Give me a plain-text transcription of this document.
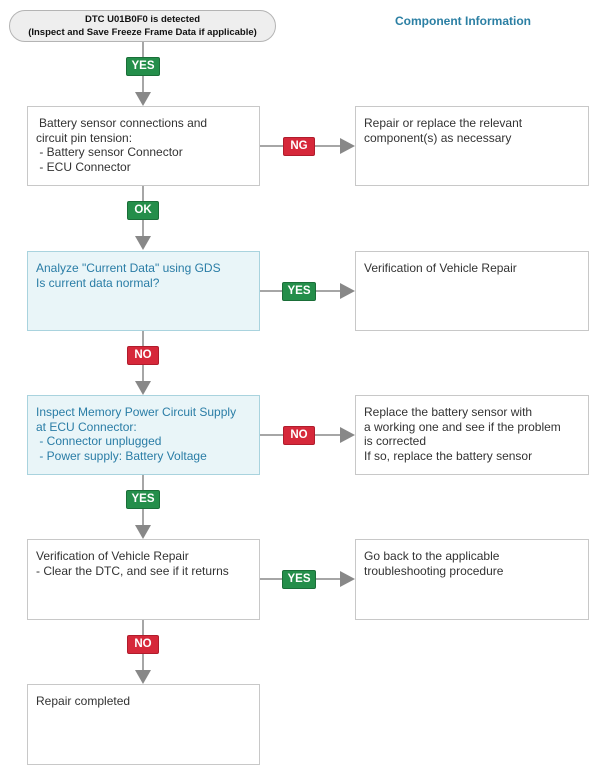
DTC U01B0F0 is detected
(Inspect and Save Freeze Frame Data if applicable)
Component Information
Battery sensor connections and
circuit pin tension:
- Battery sensor Connector
- ECU Connector
Analyze "Current Data" using GDS
Is current data normal?
Inspect Memory Power Circuit Supply
at ECU Connector:
- Connector unplugged
- Power supply: Battery Voltage
Verification of Vehicle Repair
- Clear the DTC, and see if it returns
Repair completed
Repair or replace the relevant
component(s) as necessary
Verification of Vehicle Repair
Replace the battery sensor with
a working one and see if the problem
is corrected
If so, replace the battery sensor
Go back to the applicable
troubleshooting procedure
YES
OK
NO
YES
NO
NG
YES
NO
YES
